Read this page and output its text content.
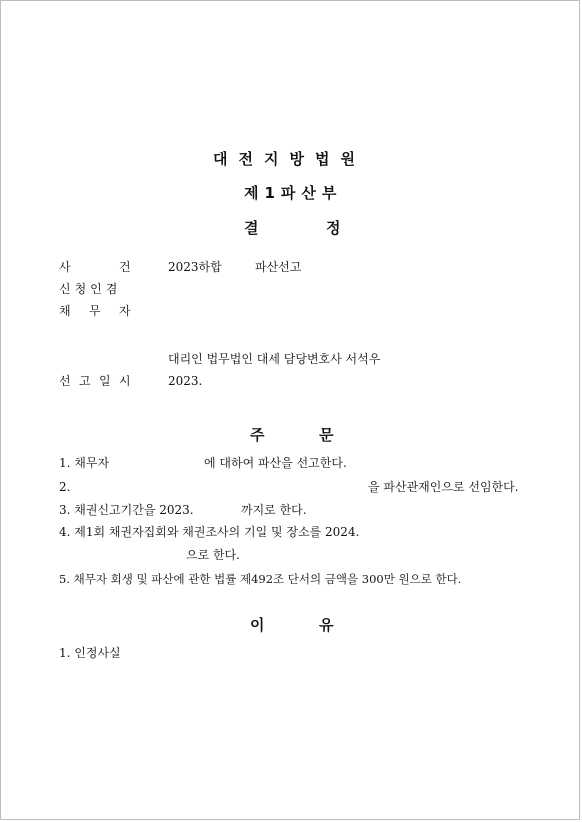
대전지방법원
제1파산부
결	정
사	건	2023하합	파산선고
신청인겸
채 무 자
대리인 법무법인 대세 담당변호사 서석우
선 고 일 시	2023.
주	문
1. 채무자	에 대하여 파산을 선고한다.
2.	을 파산관재인으로 선임한다.
3. 채권신고기간을 2023.	까지로 한다.
4. 제1회 채권자집회와 채권조사의 기일 및 장소를 2024.
으로 한다.
5. 채무자 회생 및 파산에 관한 법률 제492조 단서의 금액을 300만 원으로 한다.
이	유
1. 인정사실
